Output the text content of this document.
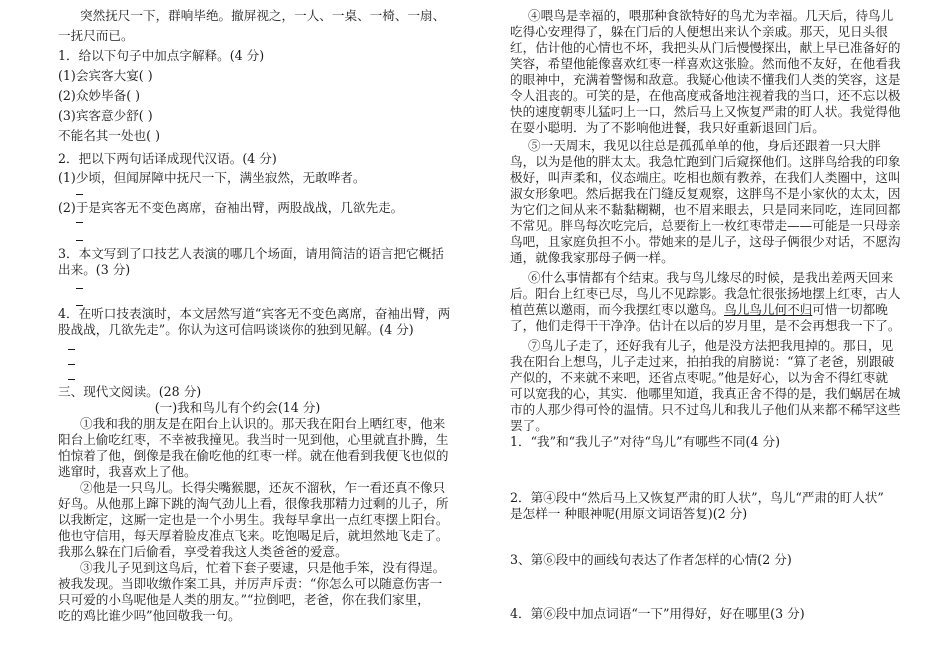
突然抚尺一下，群响毕绝。撤屏视之，一人、一桌、一椅、一扇、
一抚尺而已。
1．给以下句子中加点字解释。(4 分)
(1)会宾客大宴( )
(2)众妙毕备( )
(3)宾客意少舒( )
不能名其一处也( )
2．把以下两句话译成现代汉语。(4 分)
(1)少顷，但闻屏障中抚尺一下，满坐寂然，无敢哗者。
(2)于是宾客无不变色离席，奋袖出臂，两股战战，几欲先走。
3．本文写到了口技艺人表演的哪几个场面，请用简洁的语言把它概括
出来。(3 分)
4．在听口技表演时，本文居然写道“宾客无不变色离席，奋袖出臂，两
股战战，几欲先走”。你认为这可信吗谈谈你的独到见解。(4 分)
三、现代文阅读。(28 分)
(一)我和鸟儿有个约会(14 分)
①我和我的朋友是在阳台上认识的。那天我在阳台上晒红枣，他来
阳台上偷吃红枣，不幸被我撞见。我当时一见到他，心里就直扑腾，生
怕惊着了他，倒像是我在偷吃他的红枣一样。就在他看到我便飞也似的
逃窜时，我喜欢上了他。
②他是一只鸟儿。长得尖嘴猴腮，还灰不溜秋，乍一看还真不像只
好鸟。从他那上蹿下跳的淘气劲儿上看，很像我那精力过剩的儿子，所
以我断定，这厮一定也是一个小男生。我每早拿出一点红枣摆上阳台。
他也守信用，每天厚着脸皮准点飞来。吃饱喝足后，就坦然地飞走了。
我那么躲在门后偷看，享受着我这人类爸爸的爱意。
③我儿子见到这鸟后，忙着下套子要逮，只是他手笨，没有得逞。
被我发现。当即收缴作案工具，并厉声斥责：“你怎么可以随意伤害一
只可爱的小鸟呢他是人类的朋友。”“拉倒吧，老爸，你在我们家里，
吃的鸡比谁少吗”他回敬我一句。
④喂鸟是幸福的，喂那种食欲特好的鸟尤为幸福。几天后，待鸟儿
吃得心安理得了，躲在门后的人便想出来认个亲戚。那天，见日头很
红，估计他的心情也不坏，我把头从门后慢慢探出，献上早已准备好的
笑容，希望他能像喜欢红枣一样喜欢这张脸。然而他不友好，在他看我
的眼神中，充满着警惕和敌意。我疑心他读不懂我们人类的笑容，这是
令人沮丧的。可笑的是，在他高度戒备地注视着我的当口，还不忘以极
快的速度朝枣儿猛叼上一口，然后马上又恢复严肃的盯人状。我觉得他
在耍小聪明．为了不影响他进餐，我只好重新退回门后。
⑤一天周末，我见以往总是孤孤单单的他，身后还跟着一只大胖
鸟，以为是他的胖太太。我急忙跑到门后窥探他们。这胖鸟给我的印象
极好，叫声柔和，仪态端庄。吃相也颇有教养，在我们人类圈中，这叫
淑女形象吧。然后据我在门缝反复观察，这胖鸟不是小家伙的太太，因
为它们之间从来不黏黏糊糊，也不眉来眼去，只是同来同吃，连同回都
不常见。胖鸟每次吃完后，总要衔上一枚红枣带走——可能是一只母亲
鸟吧，且家庭负担不小。带她来的是儿子，这母子俩很少对话，不愿沟
通，就像我家那母子俩一样。
⑥什么事情都有个结束。我与鸟儿缘尽的时候，是我出差两天回来
后。阳台上红枣已尽，鸟儿不见踪影。我急忙很张扬地摆上红枣，古人
植芭蕉以邀雨，而今我摆红枣以邀鸟。鸟儿鸟儿何不归可惜一切都晚
了，他们走得干干净净。估计在以后的岁月里，是不会再想我一下了。
⑦鸟儿子走了，还好我有儿子，他是没方法把我甩掉的。那日，见
我在阳台上想鸟，儿子走过来，拍拍我的肩膀说：“算了老爸，别跟破
产似的，不来就不来吧，还省点枣呢。”他是好心，以为舍不得红枣就
可以宽我的心，其实．他哪里知道，我真正舍不得的是，我们蜗居在城
市的人那少得可怜的温情。只不过鸟儿和我儿子他们从来都不稀罕这些
罢了。
1．“我”和“我儿子”对待“鸟儿”有哪些不同(4 分)
2．第④段中“然后马上又恢复严肃的盯人状”，鸟儿“严肃的盯人状”
是怎样一 种眼神呢(用原文词语答复)(2 分)
3、第⑥段中的画线句表达了作者怎样的心情(2 分)
4．第⑥段中加点词语“一下”用得好，好在哪里(3 分)
